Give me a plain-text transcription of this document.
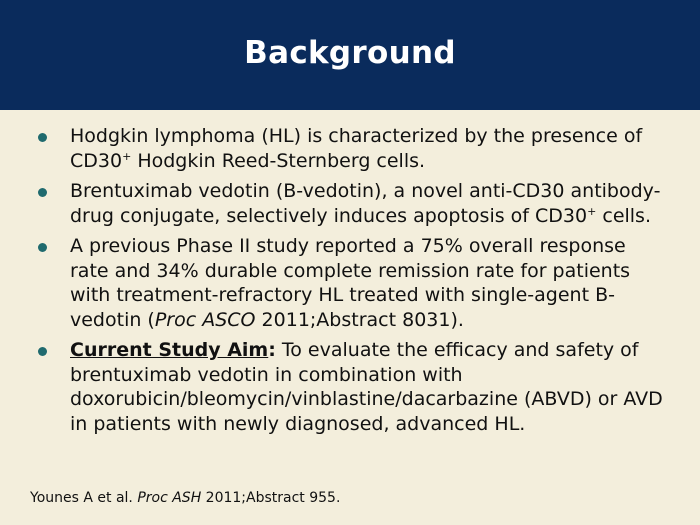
Background
Hodgkin lymphoma (HL) is characterized by the presence of CD30+ Hodgkin Reed-Sternberg cells.
Brentuximab vedotin (B-vedotin), a novel anti-CD30 antibody-drug conjugate, selectively induces apoptosis of CD30+ cells.
A previous Phase II study reported a 75% overall response rate and 34% durable complete remission rate for patients with treatment-refractory HL treated with single-agent B-vedotin (Proc ASCO 2011;Abstract 8031).
Current Study Aim: To evaluate the efficacy and safety of brentuximab vedotin in combination with doxorubicin/bleomycin/vinblastine/dacarbazine (ABVD) or AVD in patients with newly diagnosed, advanced HL.
Younes A et al. Proc ASH 2011;Abstract 955.
